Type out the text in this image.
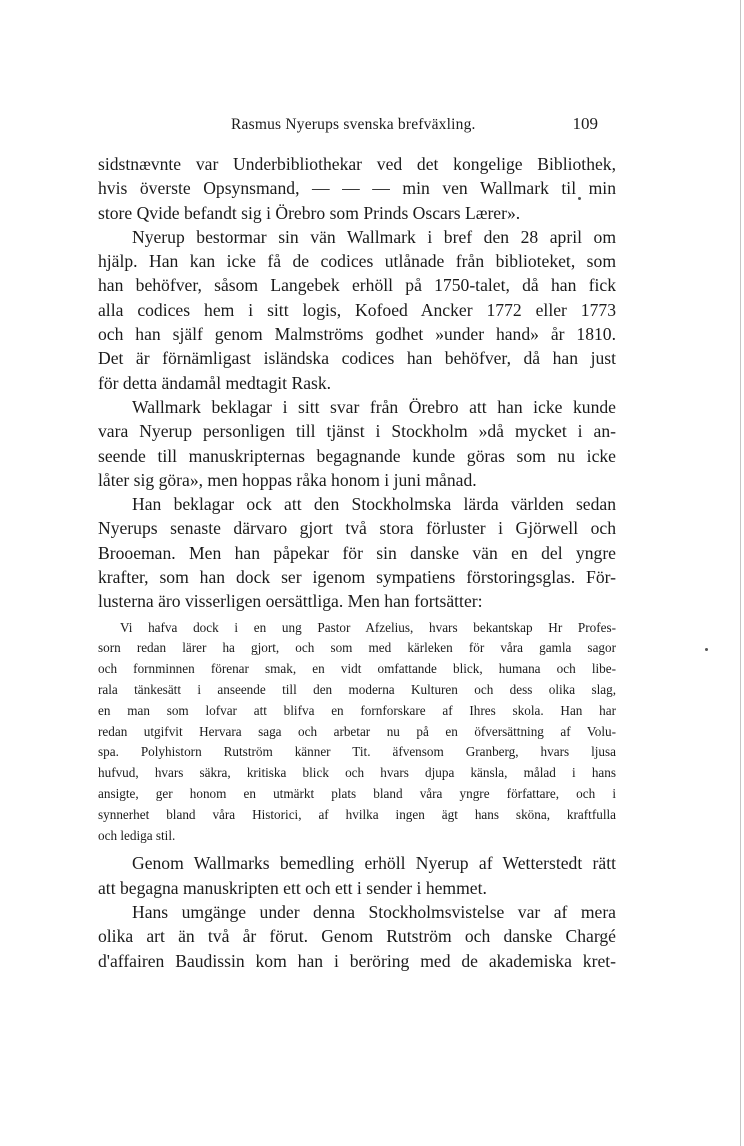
Rasmus Nyerups svenska brefväxling.	109
sidstnævnte var Underbibliothekar ved det kongelige Bibliothek,
hvis överste Opsynsmand, — — — min ven Wallmark til min
store Qvide befandt sig i Örebro som Prinds Oscars Lærer».
Nyerup bestormar sin vän Wallmark i bref den 28 april om
hjälp. Han kan icke få de codices utlånade från biblioteket, som
han behöfver, såsom Langebek erhöll på 1750-talet, då han fick
alla codices hem i sitt logis, Kofoed Ancker 1772 eller 1773
och han själf genom Malmströms godhet »under hand» år 1810.
Det är förnämligast isländska codices han behöfver, då han just
för detta ändamål medtagit Rask.
Wallmark beklagar i sitt svar från Örebro att han icke kunde
vara Nyerup personligen till tjänst i Stockholm »då mycket i an-
seende till manuskripternas begagnande kunde göras som nu icke
låter sig göra», men hoppas råka honom i juni månad.
Han beklagar ock att den Stockholmska lärda världen sedan
Nyerups senaste därvaro gjort två stora förluster i Gjörwell och
Brooeman. Men han påpekar för sin danske vän en del yngre
krafter, som han dock ser igenom sympatiens förstoringsglas. För-
lusterna äro visserligen oersättliga. Men han fortsätter:
Vi hafva dock i en ung Pastor Afzelius, hvars bekantskap Hr Profes-
sorn redan lärer ha gjort, och som med kärleken för våra gamla sagor
och fornminnen förenar smak, en vidt omfattande blick, humana och libe-
rala tänkesätt i anseende till den moderna Kulturen och dess olika slag,
en man som lofvar att blifva en fornforskare af Ihres skola. Han har
redan utgifvit Hervara saga och arbetar nu på en öfversättning af Volu-
spa. Polyhistorn Rutström känner Tit. äfvensom Granberg, hvars ljusa
hufvud, hvars säkra, kritiska blick och hvars djupa känsla, målad i hans
ansigte, ger honom en utmärkt plats bland våra yngre författare, och i
synnerhet bland våra Historici, af hvilka ingen ägt hans sköna, kraftfulla
och lediga stil.
Genom Wallmarks bemedling erhöll Nyerup af Wetterstedt rätt
att begagna manuskripten ett och ett i sender i hemmet.
Hans umgänge under denna Stockholmsvistelse var af mera
olika art än två år förut. Genom Rutström och danske Chargé
d'affairen Baudissin kom han i beröring med de akademiska kret-
